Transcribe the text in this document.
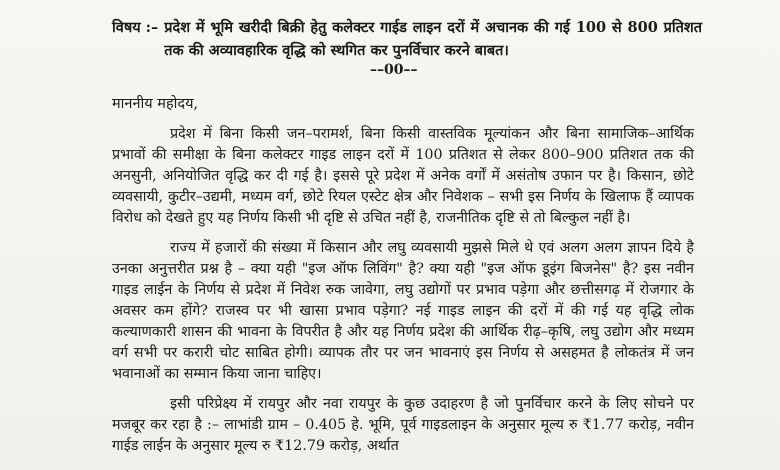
विषय :– प्रदेश में भूमि खरीदी बिक्री हेतु कलेक्टर गाईड लाइन दरों में अचानक की गई 100 से 800 प्रतिशत तक की अव्यावहारिक वृद्धि को स्थगित कर पुनर्विचार करने बाबत।
––00––
माननीय महोदय,

प्रदेश में बिना किसी जन–परामर्श, बिना किसी वास्तविक मूल्यांकन और बिना सामाजिक–आर्थिक प्रभावों की समीक्षा के बिना कलेक्टर गाइड लाइन दरों में 100 प्रतिशत से लेकर 800–900 प्रतिशत तक की अनसुनी, अनियोजित वृद्धि कर दी गई है। इससे पूरे प्रदेश में अनेक वर्गों में असंतोष उफान पर है। किसान, छोटे व्यवसायी, कुटीर–उद्यमी, मध्यम वर्ग, छोटे रियल एस्टेट क्षेत्र और निवेशक – सभी इस निर्णय के खिलाफ हैं व्यापक विरोध को देखते हुए यह निर्णय किसी भी दृष्टि से उचित नहीं है, राजनीतिक दृष्टि से तो बिल्कुल नहीं है।

राज्य में हजारों की संख्या में किसान और लघु व्यवसायी मुझसे मिले थे एवं अलग अलग ज्ञापन दिये है उनका अनुत्तरीत प्रश्न है – क्या यही "इज ऑफ लिविंग" है? क्या यही "इज ऑफ डूइंग बिजनेस" है? इस नवीन गाइड लाईन के निर्णय से प्रदेश में निवेश रुक जावेगा, लघु उद्योगों पर प्रभाव पड़ेगा और छत्तीसगढ़ में रोजगार के अवसर कम होंगे? राजस्व पर भी खासा प्रभाव पड़ेगा? नई गाइड लाइन की दरों में की गई यह वृद्धि लोक कल्याणकारी शासन की भावना के विपरीत है और यह निर्णय प्रदेश की आर्थिक रीढ़–कृषि, लघु उद्योग और मध्यम वर्ग सभी पर करारी चोट साबित होगी। व्यापक तौर पर जन भावनाएं इस निर्णय से असहमत है लोकतंत्र में जन भवानाओं का सम्मान किया जाना चाहिए।

इसी परिप्रेक्ष्य में रायपुर और नवा रायपुर के कुछ उदाहरण है जो पुनर्विचार करने के लिए सोचने पर मजबूर कर रहा है :– लाभांडी ग्राम – 0.405 हे. भूमि, पूर्व गाइडलाइन के अनुसार मूल्य रु ₹1.77 करोड़, नवीन गाईड लाईन के अनुसार मूल्य रु ₹12.79 करोड़, अर्थात
